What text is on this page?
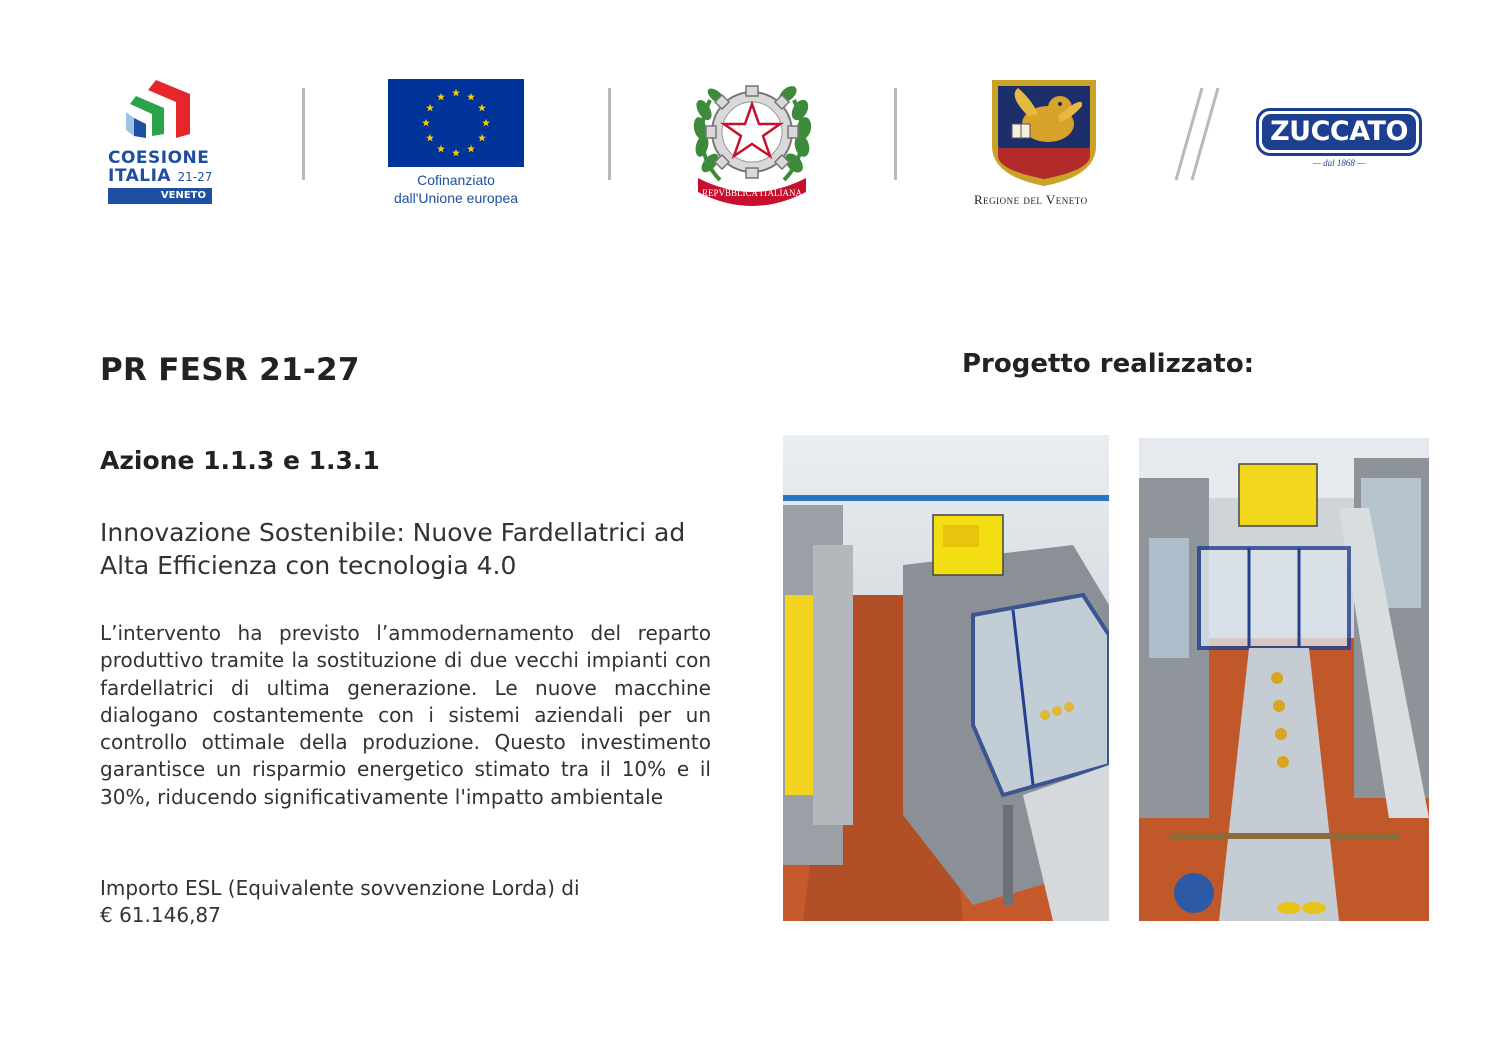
COESIONE
ITALIA 21-27
VENETO
Cofinanziato
dall'Unione europea	REPVBBLICA ITALIANA	Regione del Veneto
ZUCCATO
— dal 1868 —
PR FESR 21-27	Progetto realizzato:
Azione 1.1.3 e 1.3.1
Innovazione Sostenibile: Nuove Fardellatrici ad Alta Efficienza con tecnologia 4.0
L’intervento ha previsto l’ammodernamento del reparto produttivo tramite la sostituzione di due vecchi impianti con fardellatrici di ultima generazione. Le nuove macchine dialogano costantemente con i sistemi aziendali per un controllo ottimale della produzione. Questo investimento garantisce un risparmio energetico stimato tra il 10% e il 30%, riducendo significativamente l'impatto ambientale
Importo ESL (Equivalente sovvenzione Lorda) di
€ 61.146,87
